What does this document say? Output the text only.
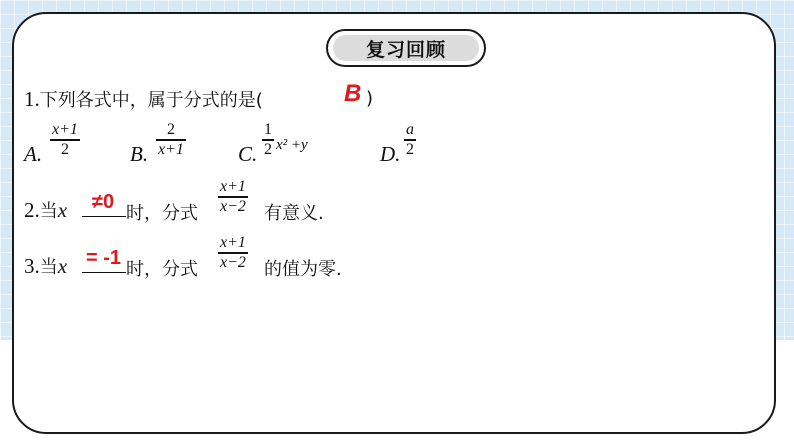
复习回顾
1.下列各式中，属于分式的是(	B )
A.
x+1
2	B.
2
x+1	C.
1
2 x² +y	D.
a
2
2.当x ≠0
时，分式
x+1
x−2 有意义.
3.当x = -1
时，分式
x+1
x−2 的值为零.
